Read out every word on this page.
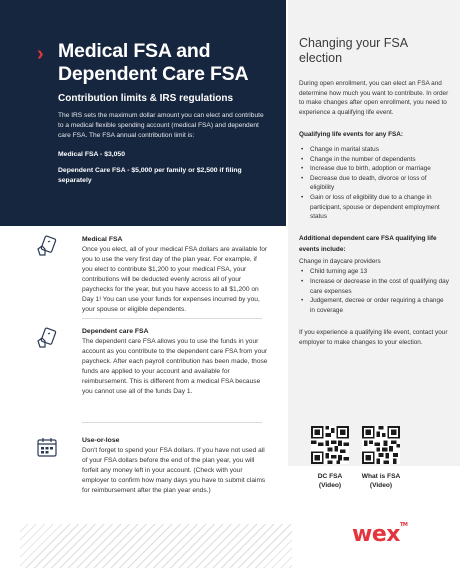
› Medical FSA and Dependent Care FSA
Contribution limits & IRS regulations
The IRS sets the maximum dollar amount you can elect and contribute to a medical flexible spending account (medical FSA) and dependent care FSA. The FSA annual contribution limit is:
Medical FSA - $3,050
Dependent Care FSA - $5,000 per family or $2,500 if filing separately
Medical FSA
Once you elect, all of your medical FSA dollars are available for you to use the very first day of the plan year. For example, if you elect to contribute $1,200 to your medical FSA, your contributions will be deducted evenly across all of your paychecks for the year, but you have access to all $1,200 on Day 1! You can use your funds for expenses incurred by you, your spouse or eligible dependents.
Dependent care FSA
The dependent care FSA allows you to use the funds in your account as you contribute to the dependent care FSA from your paycheck. After each payroll contribution has been made, those funds are applied to your account and available for reimbursement. This is different from a medical FSA because you cannot use all of the funds Day 1.
Use-or-lose
Don't forget to spend your FSA dollars. If you have not used all of your FSA dollars before the end of the plan year, you will forfeit any money left in your account. (Check with your employer to confirm how many days you have to submit claims for reimbursement after the plan year ends.)
Changing your FSA election
During open enrollment, you can elect an FSA and determine how much you want to contribute. In order to make changes after open enrollment, you need to experience a qualifying life event.
Qualifying life events for any FSA:
• Change in marital status
• Change in the number of dependents
• Increase due to birth, adoption or marriage
• Decrease due to death, divorce or loss of eligibility
• Gain or loss of eligibility due to a change in participant, spouse or dependent employment status
Additional dependent care FSA qualifying life events include:
Change in daycare providers
• Child turning age 13
• Increase or decrease in the cost of qualifying day care expenses
• Judgement, decree or order requiring a change in coverage
If you experience a qualifying life event, contact your employer to make changes to your election.
DC FSA
(Video)
What is FSA
(Video)
wex™
